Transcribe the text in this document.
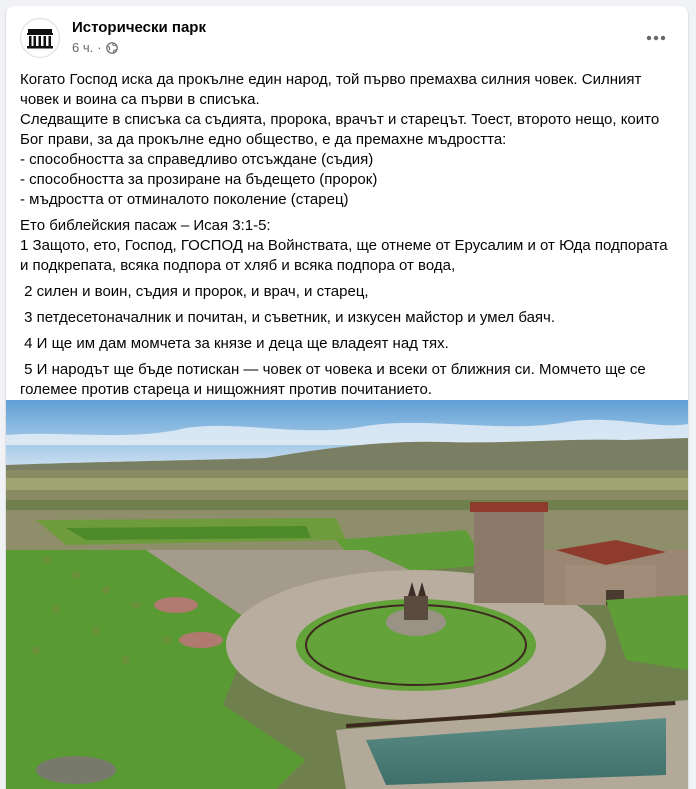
Исторически парк
6 ч. ·

Когато Господ иска да прокълне един народ, той първо премахва силния човек. Силният човек и воина са първи в списъка.

Следващите в списъка са съдията, пророка, врачът и старецът. Тоест, второто нещо, които Бог прави, за да прокълне едно общество, е да премахне мъдростта:

- способността за справедливо отсъждане (съдия)

- способността за прозиране на бъдещето (пророк)

- мъдростта от отминалото поколение (старец)

Ето библейския пасаж – Исая 3:1-5:

1 Защото, ето, Господ, ГОСПОД на Войнствата, ще отнеме от Ерусалим и от Юда подпората и подкрепата, всяка подпора от хляб и всяка подпора от вода,

2 силен и воин, съдия и пророк, и врач, и старец,

3 петдесетоначалник и почитан, и съветник, и изкусен майстор и умел баяч.

4 И ще им дам момчета за князе и деца ще владеят над тях.

5 И народът ще бъде потискан — човек от човека и всеки от ближния си. Момчето ще се големее против стареца и нищожният против почитанието.
